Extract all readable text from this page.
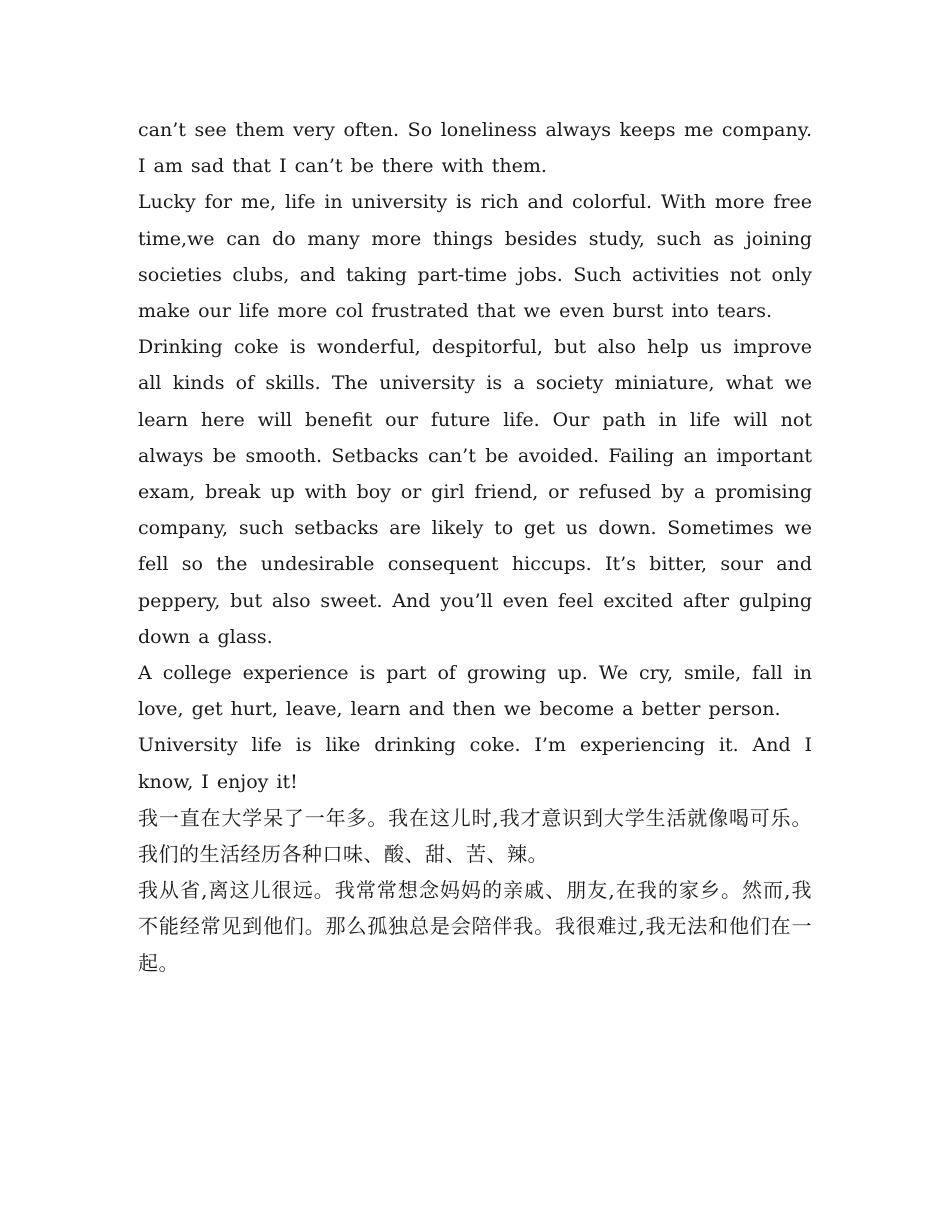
can’t see them very often. So loneliness always keeps me company. I am sad that I can’t be there with them.

Lucky for me, life in university is rich and colorful. With more free time,we can do many more things besides study, such as joining societies clubs, and taking part-time jobs. Such activities not only make our life more col frustrated that we even burst into tears.

Drinking coke is wonderful, despitorful, but also help us improve all kinds of skills. The university is a society miniature, what we learn here will benefit our future life. Our path in life will not always be smooth. Setbacks can’t be avoided. Failing an important exam, break up with boy or girl friend, or refused by a promising company, such setbacks are likely to get us down. Sometimes we fell so the undesirable consequent hiccups. It’s bitter, sour and peppery, but also sweet. And you’ll even feel excited after gulping down a glass.

A college experience is part of growing up. We cry, smile, fall in love, get hurt, leave, learn and then we become a better person.

University life is like drinking coke. I’m experiencing it. And I know, I enjoy it!

我一直在大学呆了一年多。我在这儿时,我才意识到大学生活就像喝可乐。我们的生活经历各种口味、酸、甜、苦、辣。

我从省,离这儿很远。我常常想念妈妈的亲戚、朋友,在我的家乡。然而,我不能经常见到他们。那么孤独总是会陪伴我。我很难过,我无法和他们在一起。
